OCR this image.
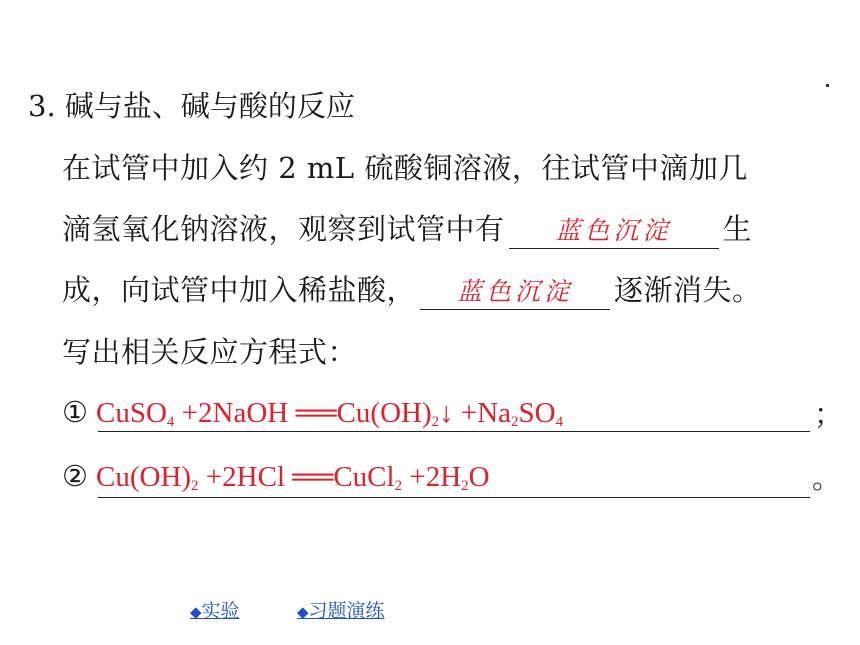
3. 碱与盐、碱与酸的反应
在试管中加入约 2 mL 硫酸铜溶液，往试管中滴加几
滴氢氧化钠溶液，观察到试管中有 蓝色沉淀 生
成，向试管中加入稀盐酸， 蓝色沉淀 逐渐消失。
写出相关反应方程式：
① CuSO$_4$ +2NaOH $══Cu(OH)_2↓ +Na_2SO_4$	；
② $Cu(OH)_2 +2HCl$ ══CuCl$_2$ $+2H_2O$	。
◆实验	◆习题演练
